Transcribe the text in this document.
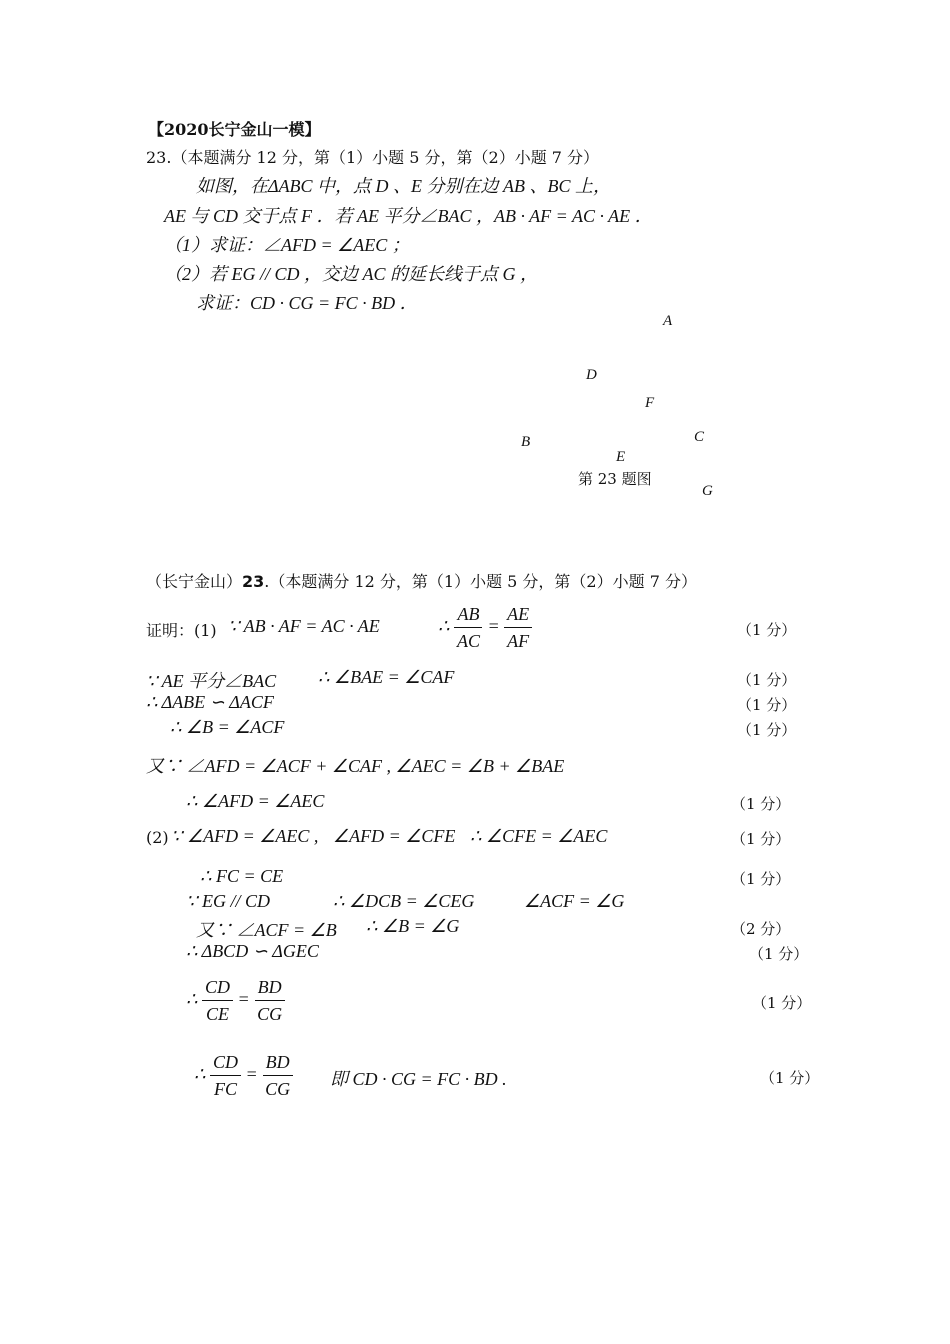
【2020长宁金山一模】
23.（本题满分 12 分，第（1）小题 5 分，第（2）小题 7 分）
如图，在ΔABC 中，点 D 、E 分别在边 AB 、BC 上，
AE 与 CD 交于点 F ．若 AE 平分∠BAC ，AB · AF = AC · AE ．
（1）求证：∠AFD = ∠AEC ；
（2）若 EG // CD ，交边 AC 的延长线于点 G ，
求证：CD · CG = FC · BD ．
A
D
F
B	C
E
第 23 题图
G
（长宁金山）23.（本题满分 12 分，第（1）小题 5 分，第（2）小题 7 分）
证明：(1) ∵ AB · AF = AC · AE	∴ $\frac{AB}{AC} = \frac{AE}{AF}$	（1 分）
∵ AE 平分∠BAC ∴ ∠BAE = ∠CAF	（1 分）
∴ ΔABE ∽ ΔACF	（1 分）
∴ ∠B = ∠ACF	（1 分）
又∵ ∠AFD = ∠ACF + ∠CAF , ∠AEC = ∠B + ∠BAE
∴ ∠AFD = ∠AEC	（1 分）
(2) ∵ ∠AFD = ∠AEC , ∠AFD = ∠CFE ∴ ∠CFE = ∠AEC	（1 分）
∴ FC = CE	（1 分）
∵ EG // CD	∴ ∠DCB = ∠CEG	∠ACF = ∠G
又∵ ∠ACF = ∠B ∴ ∠B = ∠G	（2 分）
∴ ΔBCD ∽ ΔGEC	（1 分）
∴ $\frac{CD}{CE} = \frac{BD}{CG}$	（1 分）
∴ $\frac{CD}{FC} = \frac{BD}{CG}$ 即 CD · CG = FC · BD .	（1 分）
